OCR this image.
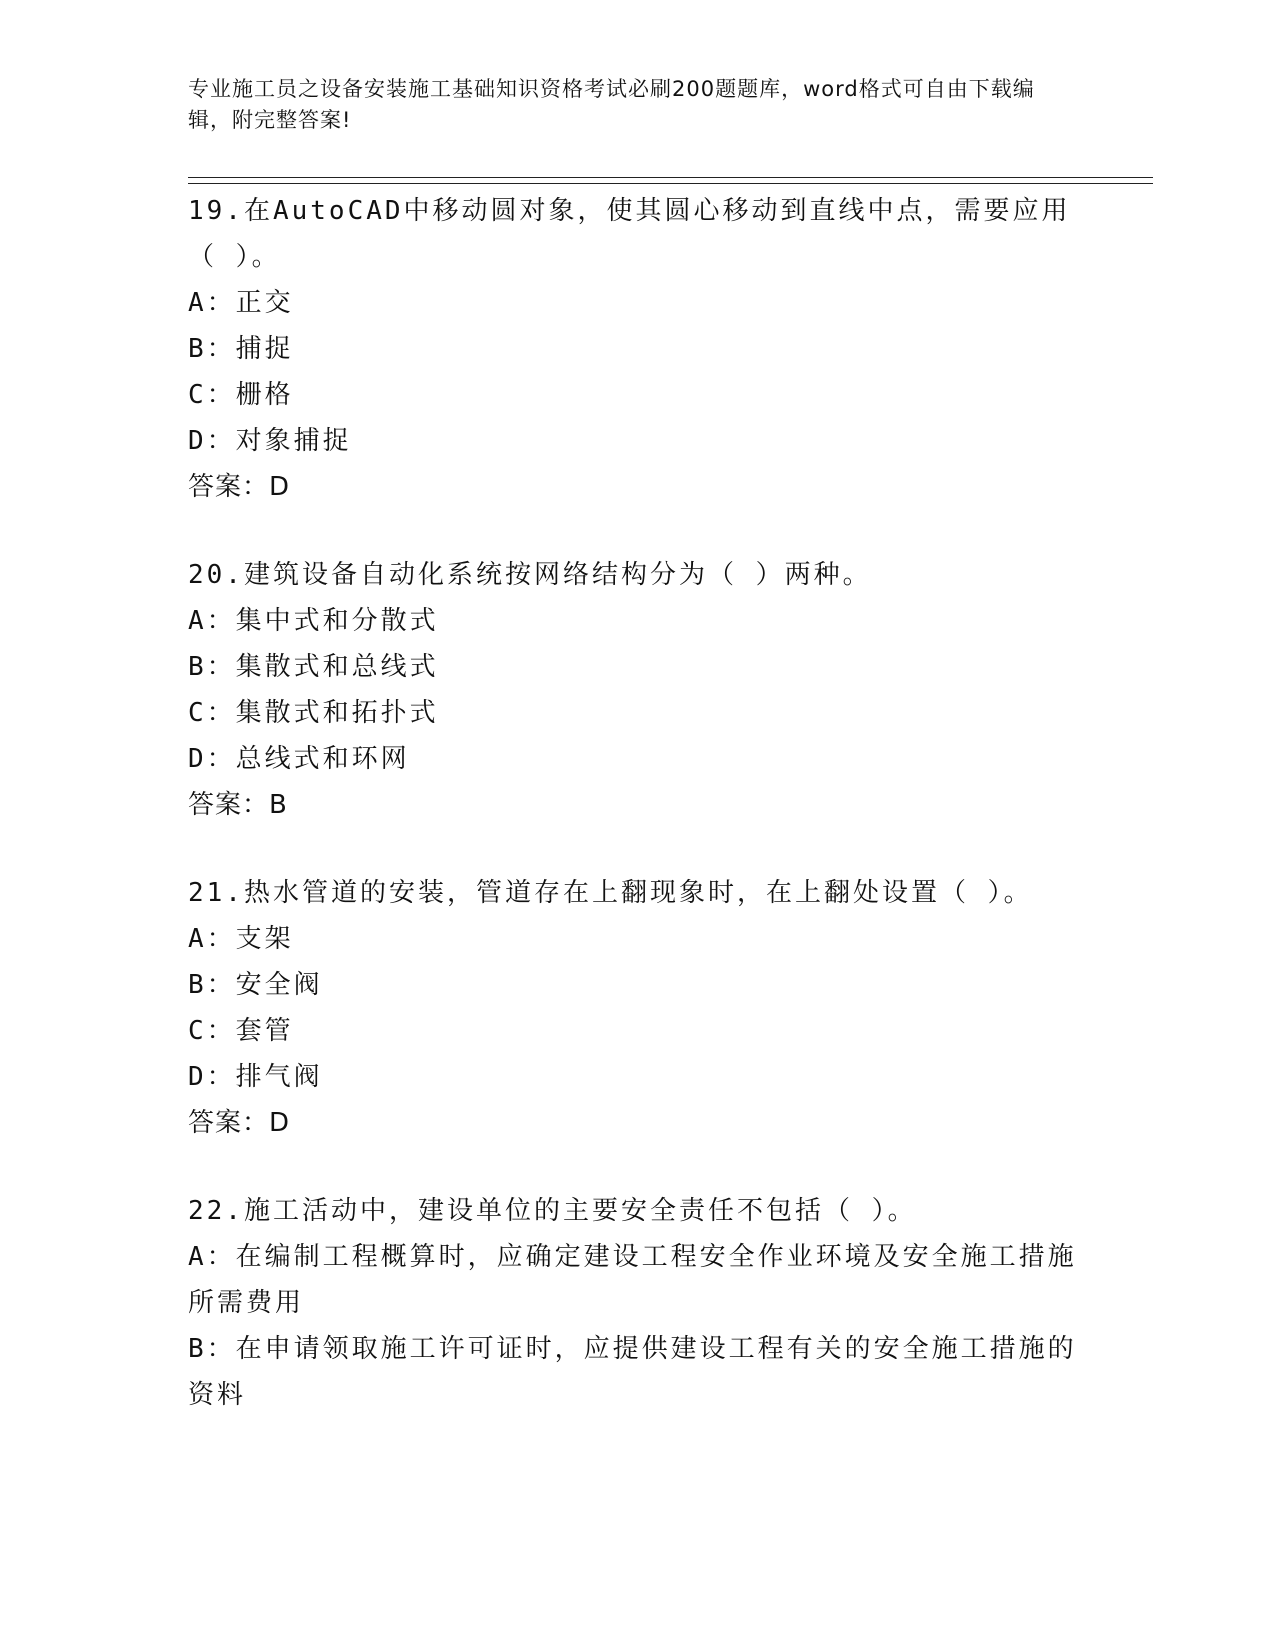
专业施工员之设备安装施工基础知识资格考试必刷200题题库，word格式可自由下载编辑，附完整答案!
19.在AutoCAD中移动圆对象，使其圆心移动到直线中点，需要应用（ ）。
A：正交
B：捕捉
C：栅格
D：对象捕捉
答案：D
20.建筑设备自动化系统按网络结构分为（ ）两种。
A：集中式和分散式
B：集散式和总线式
C：集散式和拓扑式
D：总线式和环网
答案：B
21.热水管道的安装，管道存在上翻现象时，在上翻处设置（ ）。
A：支架
B：安全阀
C：套管
D：排气阀
答案：D
22.施工活动中，建设单位的主要安全责任不包括（ ）。
A：在编制工程概算时，应确定建设工程安全作业环境及安全施工措施所需费用
B：在申请领取施工许可证时，应提供建设工程有关的安全施工措施的资料
